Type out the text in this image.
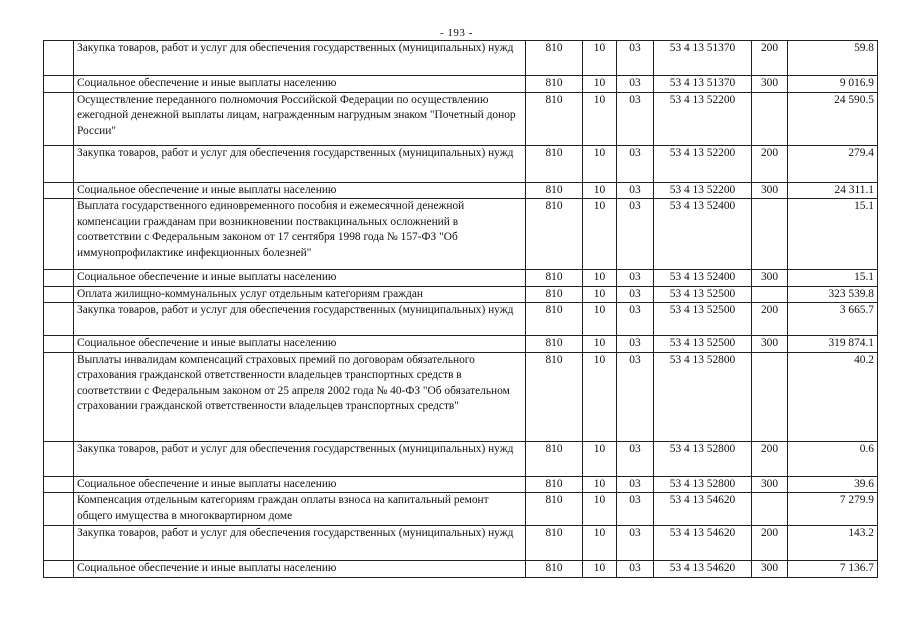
- 193 -
	Закупка товаров, работ и услуг для обеспечения государственных (муниципальных) нужд	810	10	03	53 4 13 51370	200	59.8
	Социальное обеспечение и иные выплаты населению	810	10	03	53 4 13 51370	300	9 016.9
	Осуществление переданного полномочия Российской Федерации по осуществлению ежегодной денежной выплаты лицам, награжденным нагрудным знаком "Почетный донор России"	810	10	03	53 4 13 52200		24 590.5
	Закупка товаров, работ и услуг для обеспечения государственных (муниципальных) нужд	810	10	03	53 4 13 52200	200	279.4
	Социальное обеспечение и иные выплаты населению	810	10	03	53 4 13 52200	300	24 311.1
	Выплата государственного единовременного пособия и ежемесячной денежной компенсации гражданам при возникновении поствакцинальных осложнений в соответствии с Федеральным законом от 17 сентября 1998 года № 157-ФЗ "Об иммунопрофилактике инфекционных болезней"	810	10	03	53 4 13 52400		15.1
	Социальное обеспечение и иные выплаты населению	810	10	03	53 4 13 52400	300	15.1
	Оплата жилищно-коммунальных услуг отдельным категориям граждан	810	10	03	53 4 13 52500		323 539.8
	Закупка товаров, работ и услуг для обеспечения государственных (муниципальных) нужд	810	10	03	53 4 13 52500	200	3 665.7
	Социальное обеспечение и иные выплаты населению	810	10	03	53 4 13 52500	300	319 874.1
	Выплаты инвалидам компенсаций страховых премий по договорам обязательного страхования гражданской ответственности владельцев транспортных средств в соответствии с Федеральным законом от 25 апреля 2002 года № 40-ФЗ "Об обязательном страховании гражданской ответственности владельцев транспортных средств"	810	10	03	53 4 13 52800		40.2
	Закупка товаров, работ и услуг для обеспечения государственных (муниципальных) нужд	810	10	03	53 4 13 52800	200	0.6
	Социальное обеспечение и иные выплаты населению	810	10	03	53 4 13 52800	300	39.6
	Компенсация отдельным категориям граждан оплаты взноса на капитальный ремонт общего имущества в многоквартирном доме	810	10	03	53 4 13 54620		7 279.9
	Закупка товаров, работ и услуг для обеспечения государственных (муниципальных) нужд	810	10	03	53 4 13 54620	200	143.2
	Социальное обеспечение и иные выплаты населению	810	10	03	53 4 13 54620	300	7 136.7
